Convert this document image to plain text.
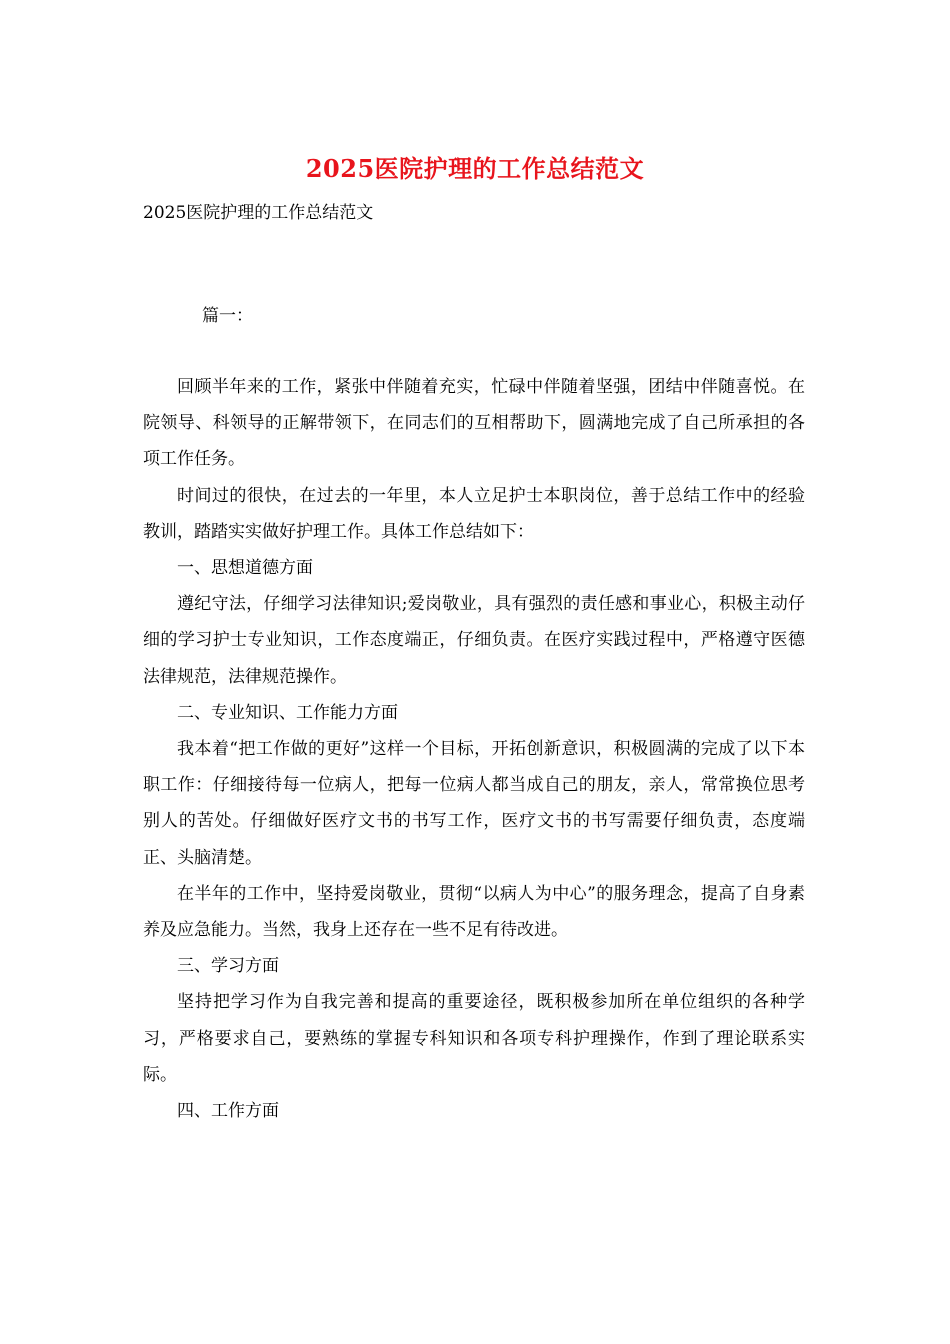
2025医院护理的工作总结范文
2025医院护理的工作总结范文
篇一：

回顾半年来的工作，紧张中伴随着充实，忙碌中伴随着坚强，团结中伴随喜悦。在院领导、科领导的正解带领下，在同志们的互相帮助下，圆满地完成了自己所承担的各项工作任务。

时间过的很快，在过去的一年里，本人立足护士本职岗位，善于总结工作中的经验教训，踏踏实实做好护理工作。具体工作总结如下：

一、思想道德方面

遵纪守法，仔细学习法律知识;爱岗敬业，具有强烈的责任感和事业心，积极主动仔细的学习护士专业知识，工作态度端正，仔细负责。在医疗实践过程中，严格遵守医德法律规范，法律规范操作。

二、专业知识、工作能力方面

我本着“把工作做的更好”这样一个目标，开拓创新意识，积极圆满的完成了以下本职工作：仔细接待每一位病人，把每一位病人都当成自己的朋友，亲人，常常换位思考别人的苦处。仔细做好医疗文书的书写工作，医疗文书的书写需要仔细负责，态度端正、头脑清楚。

在半年的工作中，坚持爱岗敬业，贯彻“以病人为中心”的服务理念，提高了自身素养及应急能力。当然，我身上还存在一些不足有待改进。

三、学习方面

坚持把学习作为自我完善和提高的重要途径，既积极参加所在单位组织的各种学习，严格要求自己，要熟练的掌握专科知识和各项专科护理操作，作到了理论联系实际。

四、工作方面
